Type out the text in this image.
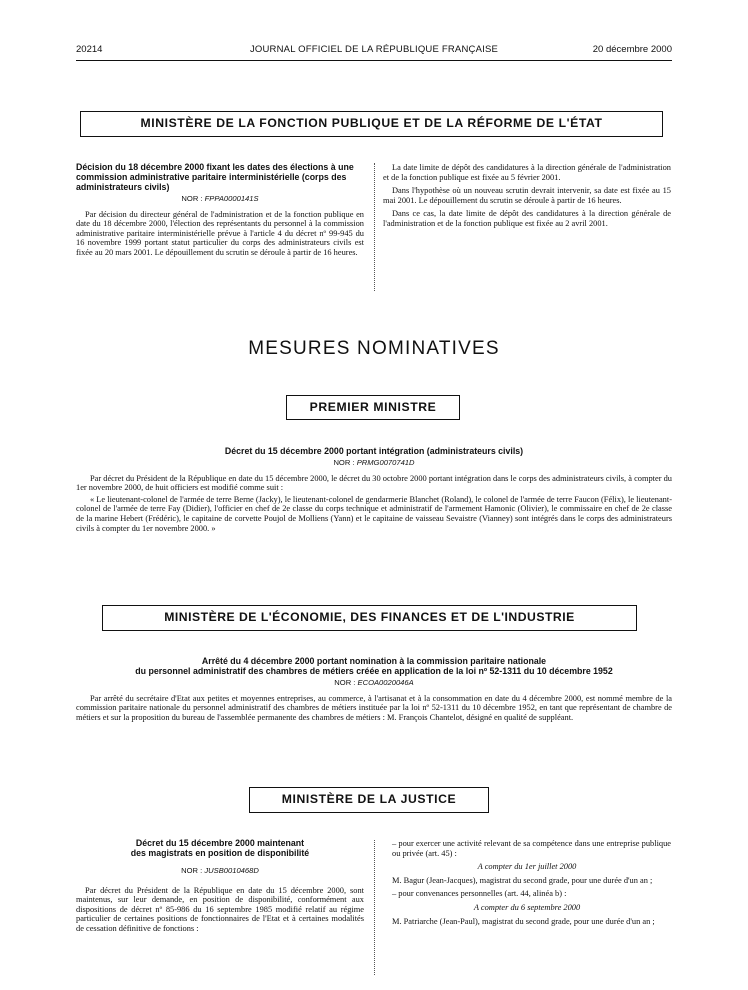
20214	JOURNAL OFFICIEL DE LA RÉPUBLIQUE FRANÇAISE	20 décembre 2000
MINISTÈRE DE LA FONCTION PUBLIQUE ET DE LA RÉFORME DE L'ÉTAT
Décision du 18 décembre 2000 fixant les dates des élections à une commission administrative paritaire interministérielle (corps des administrateurs civils)
NOR : FPPA0000141S

Par décision du directeur général de l'administration et de la fonction publique en date du 18 décembre 2000, l'élection des représentants du personnel à la commission administrative paritaire interministérielle prévue à l'article 4 du décret nº 99-945 du 16 novembre 1999 portant statut particulier du corps des administrateurs civils est fixée au 20 mars 2001. Le dépouillement du scrutin se déroule à partir de 16 heures.

La date limite de dépôt des candidatures à la direction générale de l'administration et de la fonction publique est fixée au 5 février 2001.

Dans l'hypothèse où un nouveau scrutin devrait intervenir, sa date est fixée au 15 mai 2001. Le dépouillement du scrutin se déroule à partir de 16 heures.

Dans ce cas, la date limite de dépôt des candidatures à la direction générale de l'administration et de la fonction publique est fixée au 2 avril 2001.

MESURES NOMINATIVES
PREMIER MINISTRE
Décret du 15 décembre 2000 portant intégration (administrateurs civils)
NOR : PRMG0070741D

Par décret du Président de la République en date du 15 décembre 2000, le décret du 30 octobre 2000 portant intégration dans le corps des administrateurs civils, à compter du 1er novembre 2000, de huit officiers est modifié comme suit :

« Le lieutenant-colonel de l'armée de terre Berne (Jacky), le lieutenant-colonel de gendarmerie Blanchet (Roland), le colonel de l'armée de terre Faucon (Félix), le lieutenant-colonel de l'armée de terre Fay (Didier), l'officier en chef de 2e classe du corps technique et administratif de l'armement Hamonic (Olivier), le commissaire en chef de 2e classe de la marine Hebert (Frédéric), le capitaine de corvette Poujol de Molliens (Yann) et le capitaine de vaisseau Sevaistre (Vianney) sont intégrés dans le corps des administrateurs civils à compter du 1er novembre 2000. »

MINISTÈRE DE L'ÉCONOMIE, DES FINANCES ET DE L'INDUSTRIE
Arrêté du 4 décembre 2000 portant nomination à la commission paritaire nationale
du personnel administratif des chambres de métiers créée en application de la loi nº 52-1311 du 10 décembre 1952
NOR : ECOA0020046A

Par arrêté du secrétaire d'Etat aux petites et moyennes entreprises, au commerce, à l'artisanat et à la consommation en date du 4 décembre 2000, est nommé membre de la commission paritaire nationale du personnel administratif des chambres de métiers instituée par la loi nº 52-1311 du 10 décembre 1952, en tant que représentant de chambre de métiers et sur la proposition du bureau de l'assemblée permanente des chambres de métiers : M. François Chantelot, désigné en qualité de suppléant.

MINISTÈRE DE LA JUSTICE
Décret du 15 décembre 2000 maintenant
des magistrats en position de disponibilité
NOR : JUSB0010468D

Par décret du Président de la République en date du 15 décembre 2000, sont maintenus, sur leur demande, en position de disponibilité, conformément aux dispositions de décret nº 85-986 du 16 septembre 1985 modifié relatif au régime particulier de certaines positions de fonctionnaires de l'Etat et à certaines modalités de cessation définitive de fonctions :

– pour exercer une activité relevant de sa compétence dans une entreprise publique ou privée (art. 45) :

A compter du 1er juillet 2000

M. Bagur (Jean-Jacques), magistrat du second grade, pour une durée d'un an ;

– pour convenances personnelles (art. 44, alinéa b) :

A compter du 6 septembre 2000

M. Patriarche (Jean-Paul), magistrat du second grade, pour une durée d'un an ;
